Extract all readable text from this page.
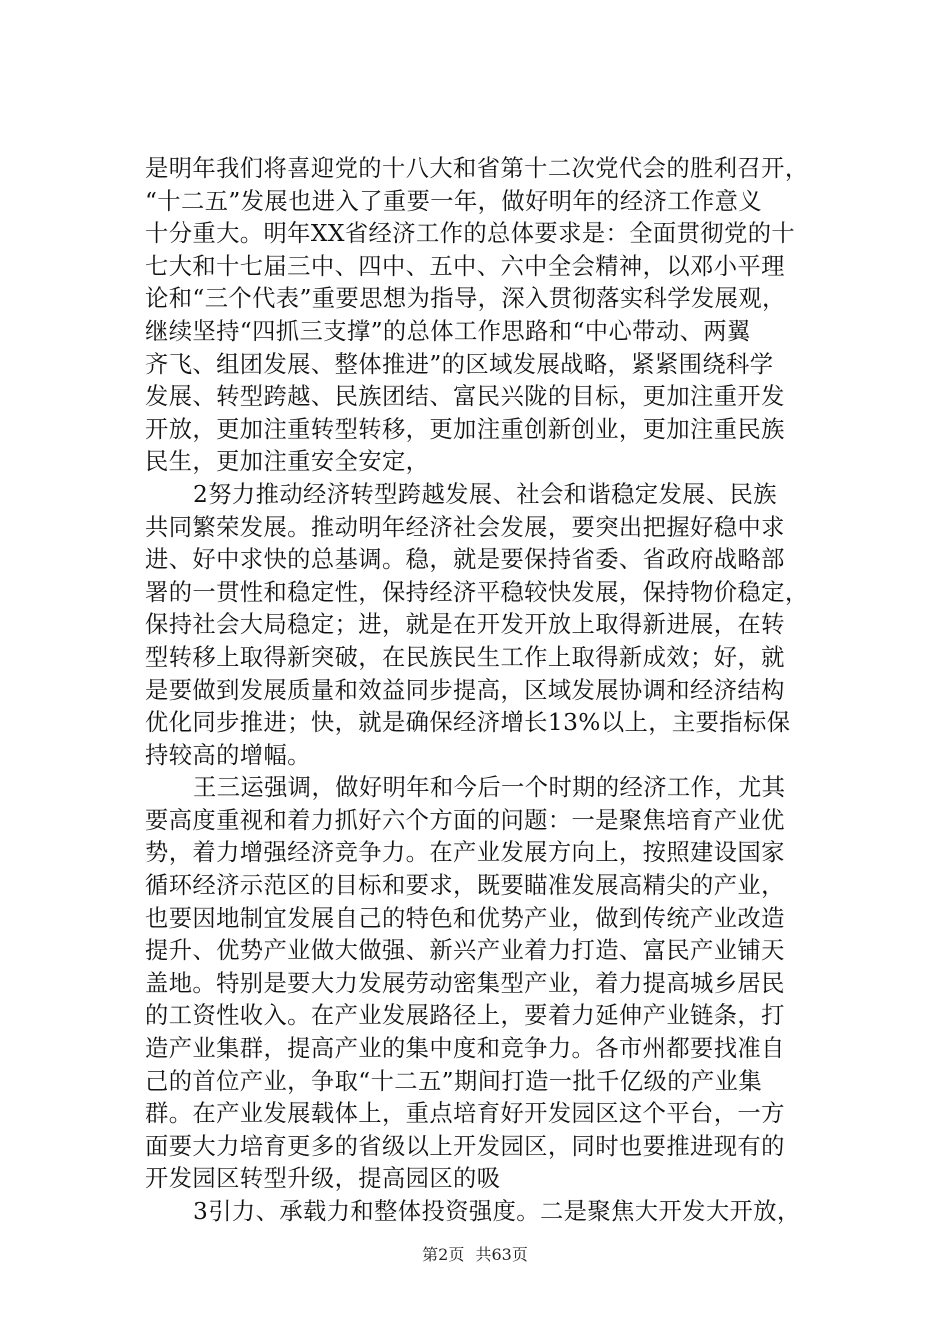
是明年我们将喜迎党的十八大和省第十二次党代会的胜利召开，
“十二五”发展也进入了重要一年，做好明年的经济工作意义
十分重大。明年XX省经济工作的总体要求是：全面贯彻党的十
七大和十七届三中、四中、五中、六中全会精神，以邓小平理
论和“三个代表”重要思想为指导，深入贯彻落实科学发展观，
继续坚持“四抓三支撑”的总体工作思路和“中心带动、两翼
齐飞、组团发展、整体推进”的区域发展战略，紧紧围绕科学
发展、转型跨越、民族团结、富民兴陇的目标，更加注重开发
开放，更加注重转型转移，更加注重创新创业，更加注重民族
民生，更加注重安全安定，
2努力推动经济转型跨越发展、社会和谐稳定发展、民族
共同繁荣发展。推动明年经济社会发展，要突出把握好稳中求
进、好中求快的总基调。稳，就是要保持省委、省政府战略部
署的一贯性和稳定性，保持经济平稳较快发展，保持物价稳定，
保持社会大局稳定；进，就是在开发开放上取得新进展，在转
型转移上取得新突破，在民族民生工作上取得新成效；好，就
是要做到发展质量和效益同步提高，区域发展协调和经济结构
优化同步推进；快，就是确保经济增长13%以上，主要指标保
持较高的增幅。
王三运强调，做好明年和今后一个时期的经济工作，尤其
要高度重视和着力抓好六个方面的问题：一是聚焦培育产业优
势，着力增强经济竞争力。在产业发展方向上，按照建设国家
循环经济示范区的目标和要求，既要瞄准发展高精尖的产业，
也要因地制宜发展自己的特色和优势产业，做到传统产业改造
提升、优势产业做大做强、新兴产业着力打造、富民产业铺天
盖地。特别是要大力发展劳动密集型产业，着力提高城乡居民
的工资性收入。在产业发展路径上，要着力延伸产业链条，打
造产业集群，提高产业的集中度和竞争力。各市州都要找准自
己的首位产业，争取“十二五”期间打造一批千亿级的产业集
群。在产业发展载体上，重点培育好开发园区这个平台，一方
面要大力培育更多的省级以上开发园区，同时也要推进现有的
开发园区转型升级，提高园区的吸
3引力、承载力和整体投资强度。二是聚焦大开发大开放，
第2页 共63页
